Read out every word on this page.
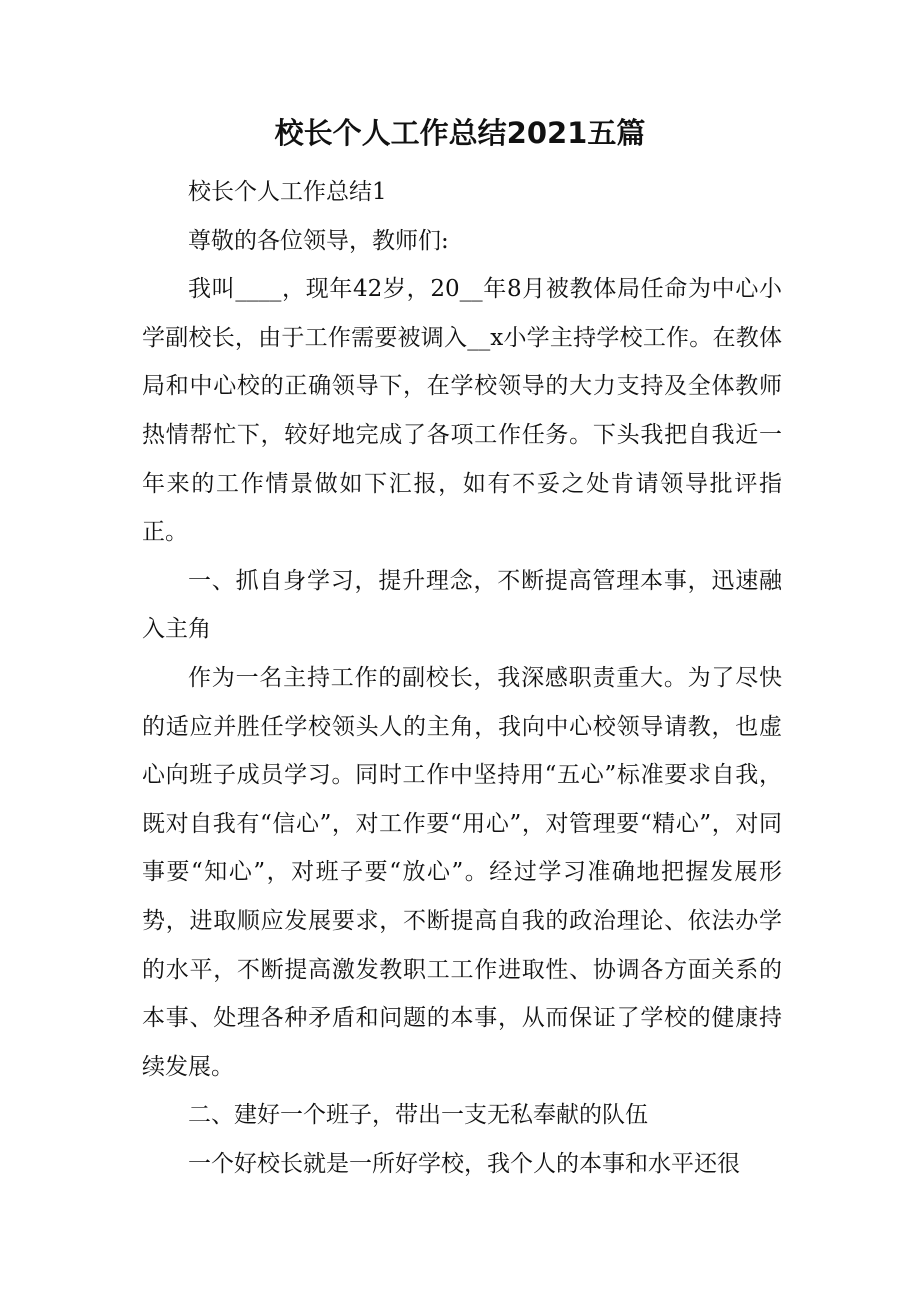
校长个人工作总结2021五篇

校长个人工作总结1

尊敬的各位领导，教师们:

我叫____，现年42岁，20__年8月被教体局任命为中心小学副校长，由于工作需要被调入__x小学主持学校工作。在教体局和中心校的正确领导下，在学校领导的大力支持及全体教师热情帮忙下，较好地完成了各项工作任务。下头我把自我近一年来的工作情景做如下汇报，如有不妥之处肯请领导批评指正。

一、抓自身学习，提升理念，不断提高管理本事，迅速融入主角

作为一名主持工作的副校长，我深感职责重大。为了尽快的适应并胜任学校领头人的主角，我向中心校领导请教，也虚心向班子成员学习。同时工作中坚持用“五心”标准要求自我，既对自我有“信心”，对工作要“用心”，对管理要“精心”，对同事要“知心”，对班子要“放心”。经过学习准确地把握发展形势，进取顺应发展要求，不断提高自我的政治理论、依法办学的水平，不断提高激发教职工工作进取性、协调各方面关系的本事、处理各种矛盾和问题的本事，从而保证了学校的健康持续发展。

二、建好一个班子，带出一支无私奉献的队伍

一个好校长就是一所好学校，我个人的本事和水平还很
